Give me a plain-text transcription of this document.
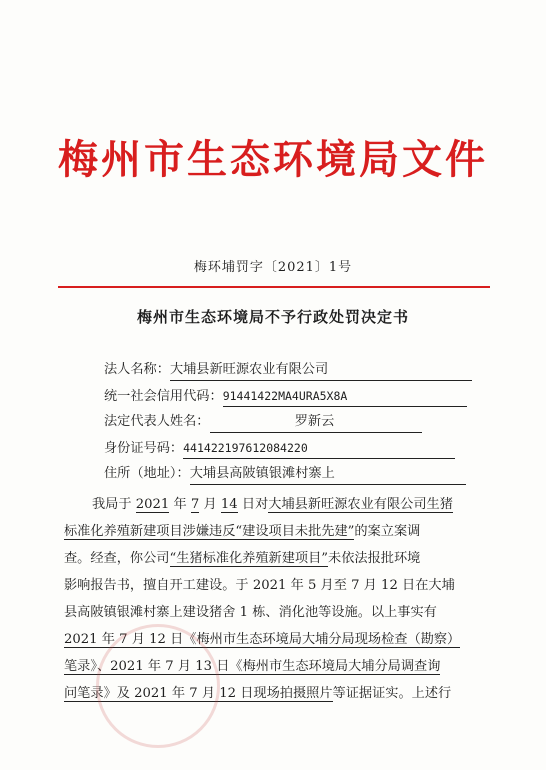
梅州市生态环境局文件
梅环埔罚字〔2021〕1号
梅州市生态环境局不予行政处罚决定书
法人名称：大埔县新旺源农业有限公司
统一社会信用代码：91441422MA4URA5X8A
法定代表人姓名：	罗新云
身份证号码：441422197612084220
住所（地址）：大埔县高陂镇银滩村寨上
我局于 2021 年 7 月 14 日对大埔县新旺源农业有限公司生猪
标准化养殖新建项目涉嫌违反“建设项目未批先建”的案立案调
查。经查，你公司“生猪标准化养殖新建项目”未依法报批环境
影响报告书，擅自开工建设。于 2021 年 5 月至 7 月 12 日在大埔
县高陂镇银滩村寨上建设猪舍 1 栋、消化池等设施。以上事实有
2021 年 7 月 12 日《梅州市生态环境局大埔分局现场检查（勘察）
笔录》、2021 年 7 月 13 日《梅州市生态环境局大埔分局调查询
问笔录》及 2021 年 7 月 12 日现场拍摄照片等证据证实。上述行
